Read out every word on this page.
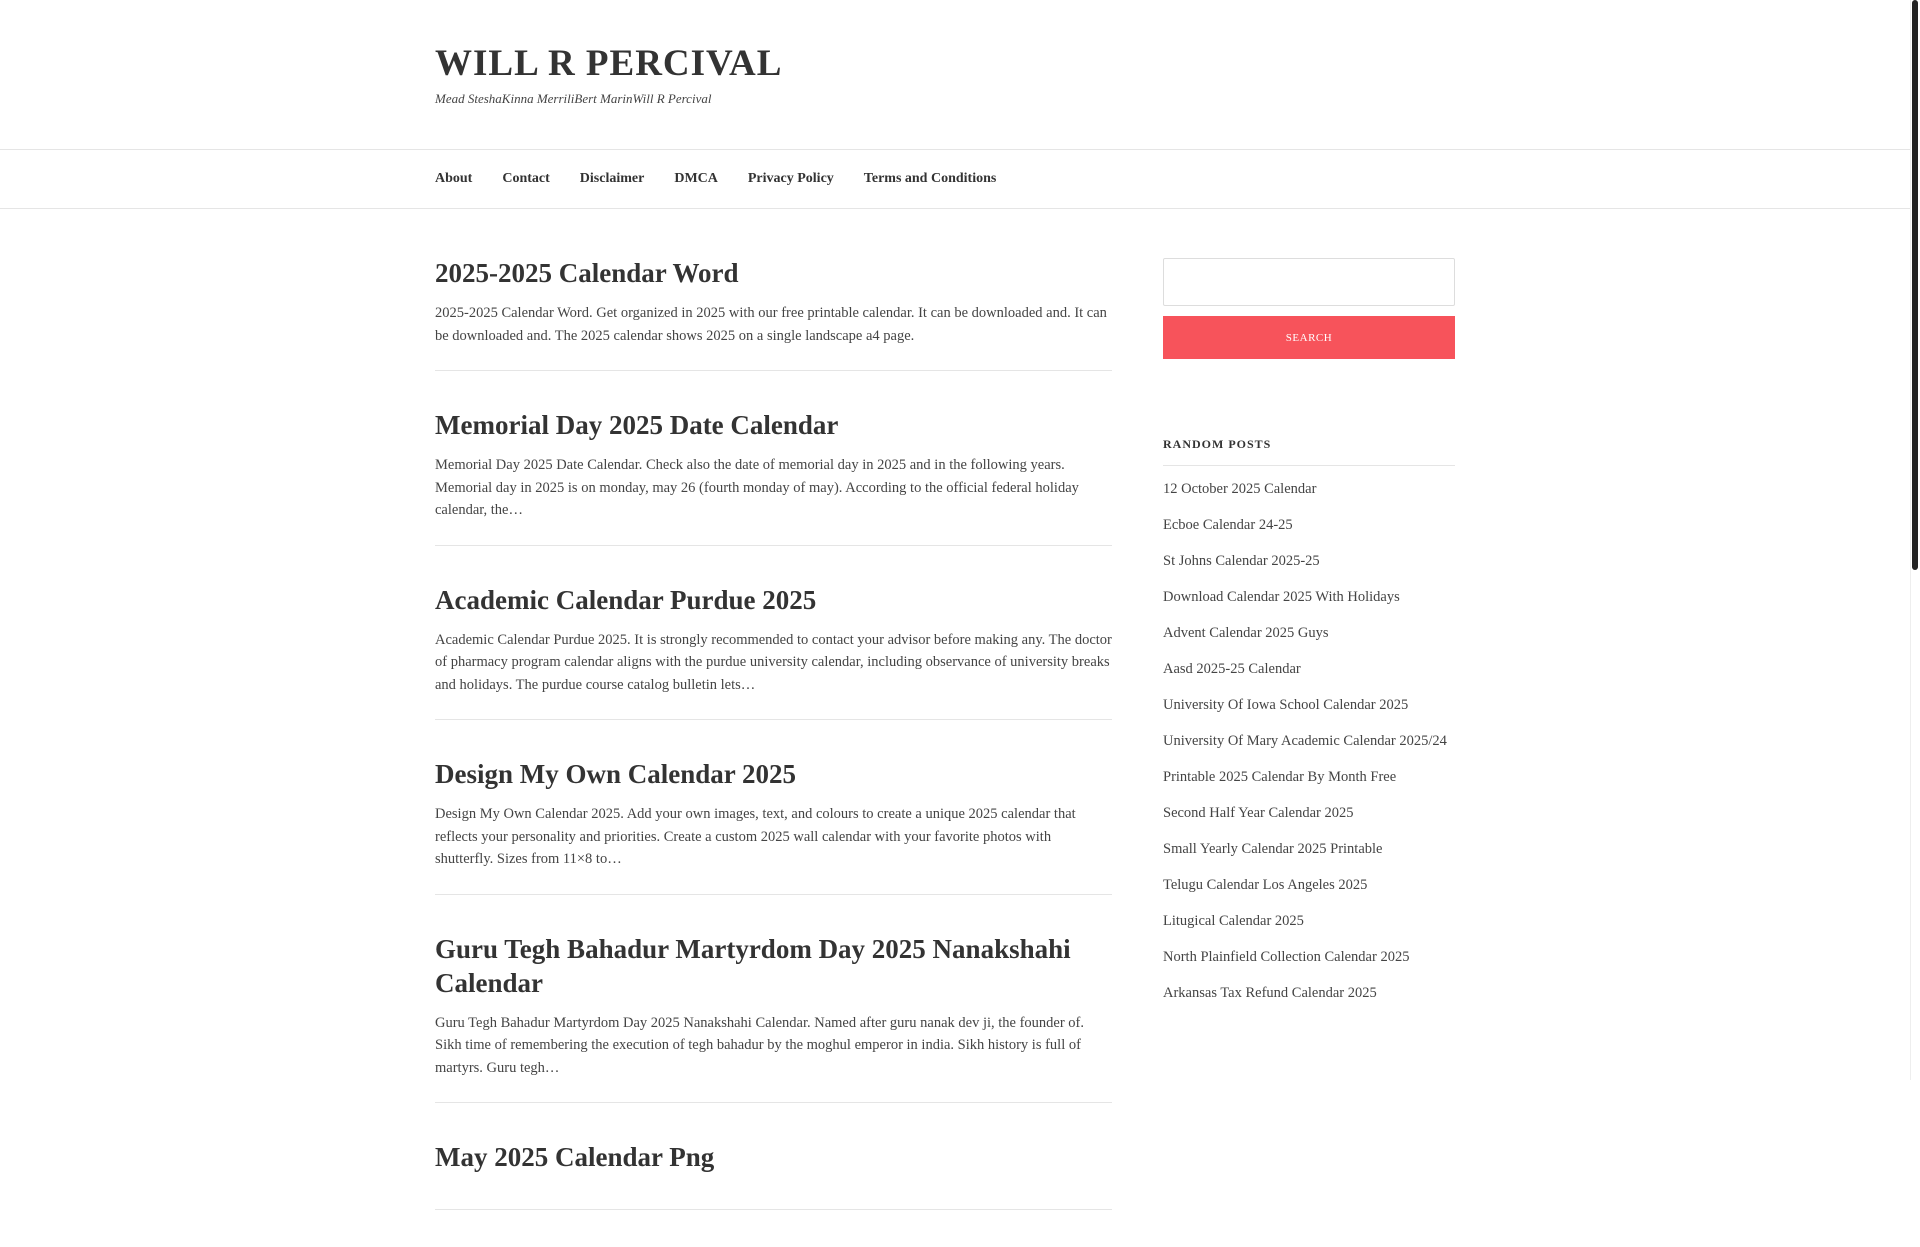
WILL R PERCIVAL
Mead SteshaKinna MerriliBert MarinWill R Percival
About Contact Disclaimer DMCA Privacy Policy Terms and Conditions
2025-2025 Calendar Word

2025-2025 Calendar Word. Get organized in 2025 with our free printable calendar. It can be downloaded and. It can be downloaded and. The 2025 calendar shows 2025 on a single landscape a4 page.

Memorial Day 2025 Date Calendar

Memorial Day 2025 Date Calendar. Check also the date of memorial day in 2025 and in the following years. Memorial day in 2025 is on monday, may 26 (fourth monday of may). According to the official federal holiday calendar, the…

Academic Calendar Purdue 2025

Academic Calendar Purdue 2025. It is strongly recommended to contact your advisor before making any. The doctor of pharmacy program calendar aligns with the purdue university calendar, including observance of university breaks and holidays. The purdue course catalog bulletin lets…

Design My Own Calendar 2025

Design My Own Calendar 2025. Add your own images, text, and colours to create a unique 2025 calendar that reflects your personality and priorities. Create a custom 2025 wall calendar with your favorite photos with shutterfly. Sizes from 11×8 to…

Guru Tegh Bahadur Martyrdom Day 2025 Nanakshahi Calendar

Guru Tegh Bahadur Martyrdom Day 2025 Nanakshahi Calendar. Named after guru nanak dev ji, the founder of. Sikh time of remembering the execution of tegh bahadur by the moghul emperor in india. Sikh history is full of martyrs. Guru tegh…

May 2025 Calendar Png
SEARCH
RANDOM POSTS
12 October 2025 Calendar
Ecboe Calendar 24-25
St Johns Calendar 2025-25
Download Calendar 2025 With Holidays
Advent Calendar 2025 Guys
Aasd 2025-25 Calendar
University Of Iowa School Calendar 2025
University Of Mary Academic Calendar 2025/24
Printable 2025 Calendar By Month Free
Second Half Year Calendar 2025
Small Yearly Calendar 2025 Printable
Telugu Calendar Los Angeles 2025
Litugical Calendar 2025
North Plainfield Collection Calendar 2025
Arkansas Tax Refund Calendar 2025
